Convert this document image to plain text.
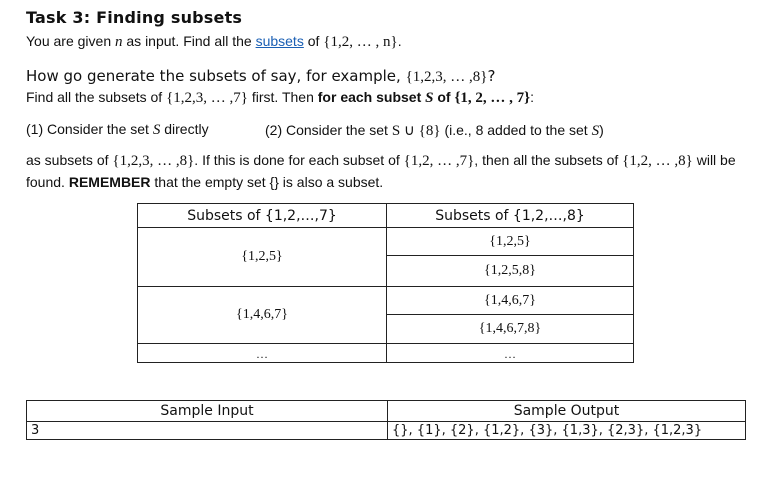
Task 3: Finding subsets
You are given n as input. Find all the subsets of {1,2, … , n}.
How go generate the subsets of say, for example, {1,2,3, … ,8}?
Find all the subsets of {1,2,3, … ,7} first. Then for each subset S of {1, 2, … , 7}:
(1) Consider the set S directly	(2) Consider the set S ∪ {8} (i.e., 8 added to the set S)
as subsets of {1,2,3, … ,8}. If this is done for each subset of {1,2, … ,7}, then all the subsets of {1,2, … ,8} will be
found. REMEMBER that the empty set {} is also a subset.
Subsets of {1,2,…,7}	Subsets of {1,2,…,8}
{1,2,5}	{1,2,5}
	{1,2,5,8}
{1,4,6,7}	{1,4,6,7}
	{1,4,6,7,8}
…	…
Sample Input	Sample Output
3	{}, {1}, {2}, {1,2}, {3}, {1,3}, {2,3}, {1,2,3}
